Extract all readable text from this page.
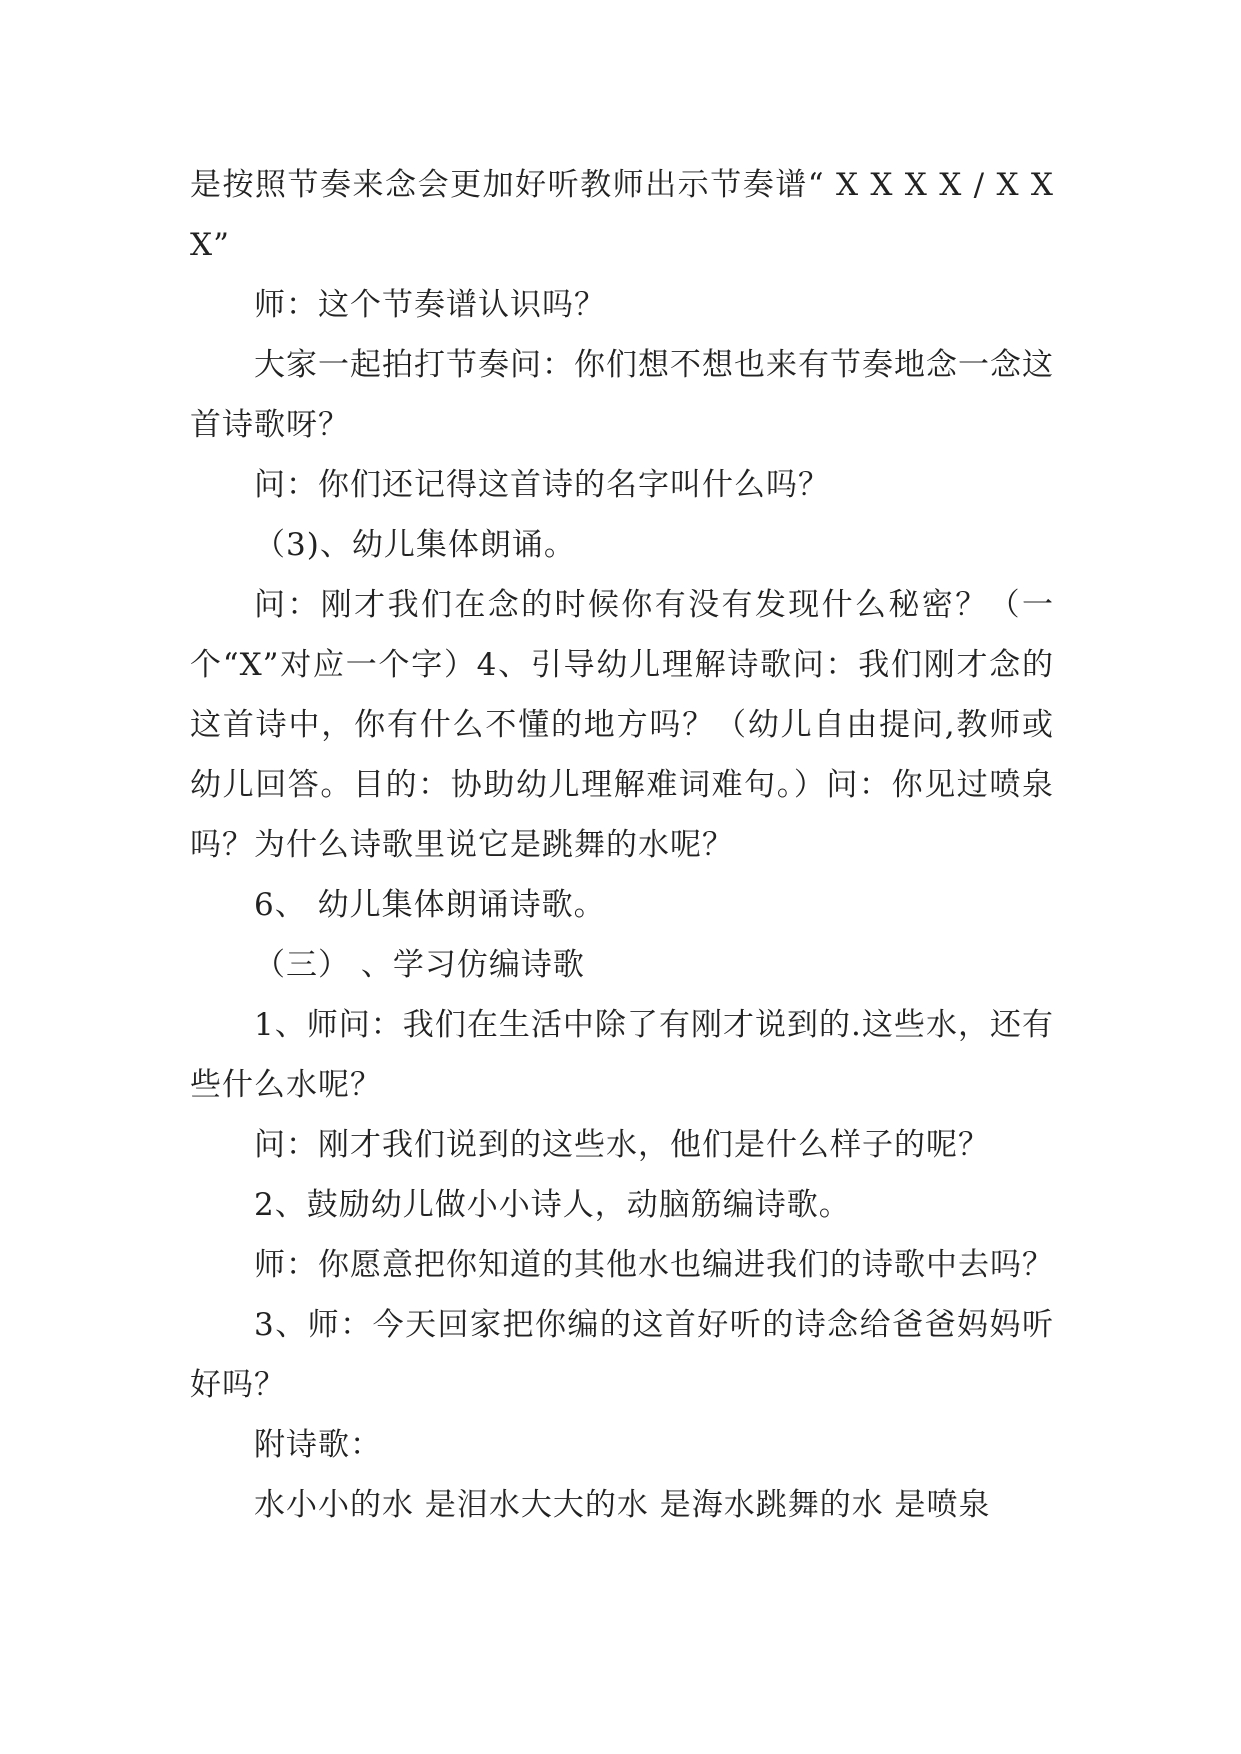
是按照节奏来念会更加好听教师出示节奏谱“ X X X X / X X X”

师：这个节奏谱认识吗？

大家一起拍打节奏问：你们想不想也来有节奏地念一念这首诗歌呀？

问：你们还记得这首诗的名字叫什么吗？

（3)、幼儿集体朗诵。

问：刚才我们在念的时候你有没有发现什么秘密？（一个“X”对应一个字）4、引导幼儿理解诗歌问：我们刚才念的这首诗中，你有什么不懂的地方吗？（幼儿自由提问,教师或幼儿回答。目的：协助幼儿理解难词难句。）问：你见过喷泉吗？为什么诗歌里说它是跳舞的水呢？

6、 幼儿集体朗诵诗歌。

（三） 、学习仿编诗歌

1、师问：我们在生活中除了有刚才说到的.这些水，还有些什么水呢？

问：刚才我们说到的这些水，他们是什么样子的呢？

2、鼓励幼儿做小小诗人，动脑筋编诗歌。

师：你愿意把你知道的其他水也编进我们的诗歌中去吗？

3、师：今天回家把你编的这首好听的诗念给爸爸妈妈听好吗？

附诗歌：

水小小的水 是泪水大大的水 是海水跳舞的水 是喷泉
